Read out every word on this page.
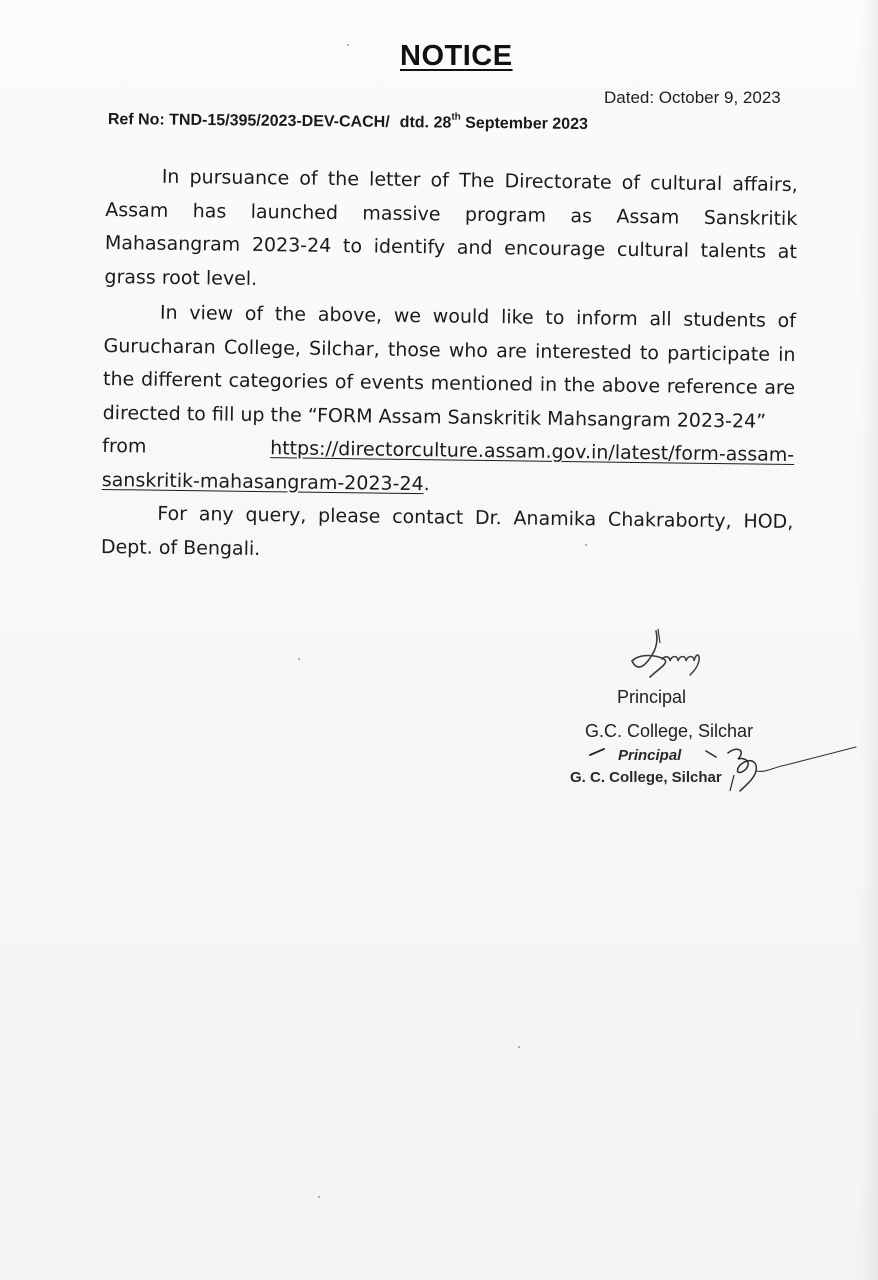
NOTICE
Dated: October 9, 2023
Ref No: TND-15/395/2023-DEV-CACH/ dtd. 28th September 2023

In pursuance of the letter of The Directorate of cultural affairs, Assam has launched massive program as Assam Sanskritik Mahasangram 2023-24 to identify and encourage cultural talents at grass root level.

In view of the above, we would like to inform all students of Gurucharan College, Silchar, those who are interested to participate in the different categories of events mentioned in the above reference are directed to fill up the “FORM Assam Sanskritik Mahsangram 2023-24”

from	https://directorculture.assam.gov.in/latest/form-assam-

sanskritik-mahasangram-2023-24.

For any query, please contact Dr. Anamika Chakraborty, HOD, Dept. of Bengali.

Principal
G.C. College, Silchar
Principal
G. C. College, Silchar
